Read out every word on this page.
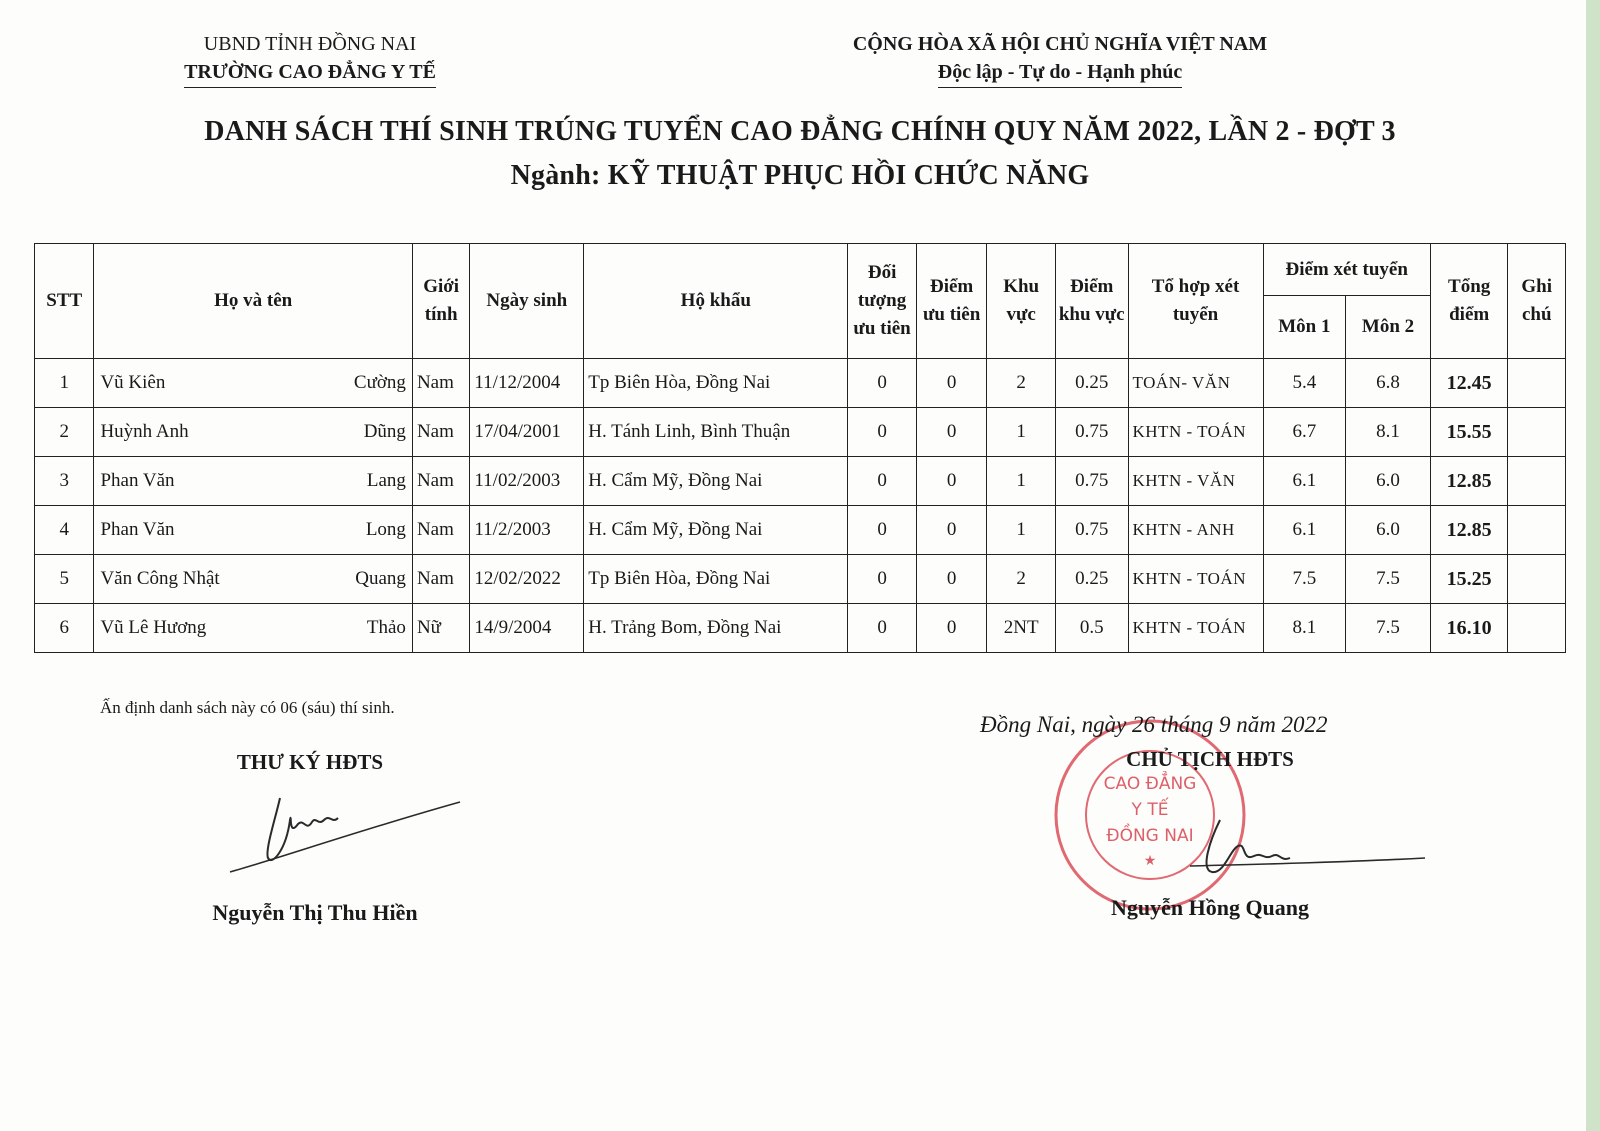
UBND TỈNH ĐỒNG NAI
TRƯỜNG CAO ĐẲNG Y TẾ
CỘNG HÒA XÃ HỘI CHỦ NGHĨA VIỆT NAM
Độc lập - Tự do - Hạnh phúc
DANH SÁCH THÍ SINH TRÚNG TUYỂN CAO ĐẲNG CHÍNH QUY NĂM 2022, LẦN 2 - ĐỢT 3
Ngành: KỸ THUẬT PHỤC HỒI CHỨC NĂNG
STT	Họ và tên	Giới tính	Ngày sinh	Hộ khẩu	Đối tượng ưu tiên	Điểm ưu tiên	Khu vực	Điểm khu vực	Tổ hợp xét tuyển	Điểm xét tuyển		Tổng điểm	Ghi chú
										Môn 1	Môn 2		
1	Vũ Kiên Cường	Nam	11/12/2004	Tp Biên Hòa, Đồng Nai	0	0	2	0.25	TOÁN- VĂN	5.4	6.8	12.45	
2	Huỳnh Anh Dũng	Nam	17/04/2001	H. Tánh Linh, Bình Thuận	0	0	1	0.75	KHTN - TOÁN	6.7	8.1	15.55	
3	Phan Văn Lang	Nam	11/02/2003	H. Cẩm Mỹ, Đồng Nai	0	0	1	0.75	KHTN - VĂN	6.1	6.0	12.85	
4	Phan Văn Long	Nam	11/2/2003	H. Cẩm Mỹ, Đồng Nai	0	0	1	0.75	KHTN - ANH	6.1	6.0	12.85	
5	Văn Công Nhật Quang	Nam	12/02/2022	Tp Biên Hòa, Đồng Nai	0	0	2	0.25	KHTN - TOÁN	7.5	7.5	15.25	
6	Vũ Lê Hương Thảo	Nữ	14/9/2004	H. Trảng Bom, Đồng Nai	0	0	2NT	0.5	KHTN - TOÁN	8.1	7.5	16.10	
Ấn định danh sách này có 06 (sáu) thí sinh.
THƯ KÝ HĐTS
Nguyễn Thị Thu Hiền
CAO ĐẲNG
Y TẾ
ĐỒNG NAI
★
Đồng Nai, ngày 26 tháng 9 năm 2022
CHỦ TỊCH HĐTS
Nguyễn Hồng Quang
